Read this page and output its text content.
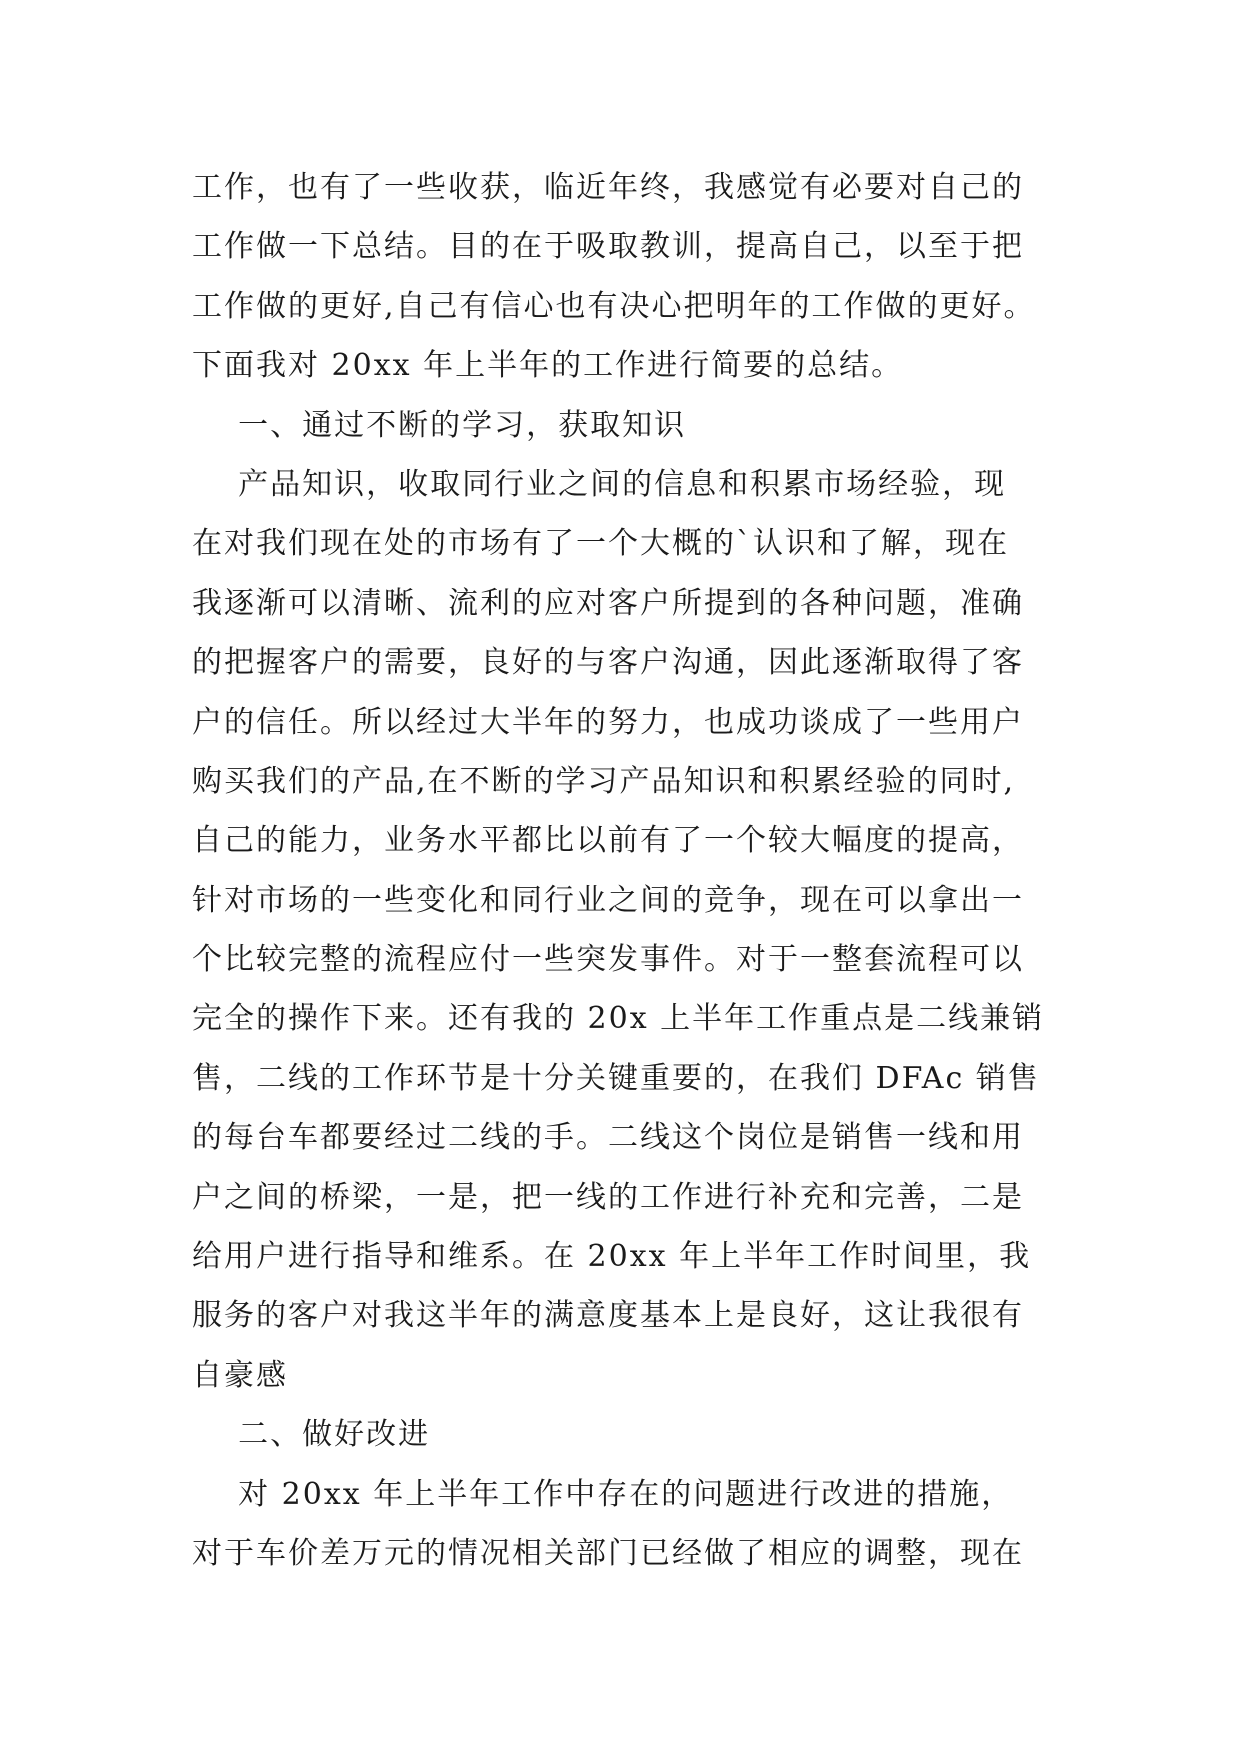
工作，也有了一些收获，临近年终，我感觉有必要对自己的
工作做一下总结。目的在于吸取教训，提高自己，以至于把
工作做的更好,自己有信心也有决心把明年的工作做的更好。
下面我对 20xx 年上半年的工作进行简要的总结。
一、通过不断的学习，获取知识
产品知识，收取同行业之间的信息和积累市场经验，现
在对我们现在处的市场有了一个大概的`认识和了解，现在
我逐渐可以清晰、流利的应对客户所提到的各种问题，准确
的把握客户的需要，良好的与客户沟通，因此逐渐取得了客
户的信任。所以经过大半年的努力，也成功谈成了一些用户
购买我们的产品,在不断的学习产品知识和积累经验的同时,
自己的能力，业务水平都比以前有了一个较大幅度的提高，
针对市场的一些变化和同行业之间的竞争，现在可以拿出一
个比较完整的流程应付一些突发事件。对于一整套流程可以
完全的操作下来。还有我的 20x 上半年工作重点是二线兼销
售，二线的工作环节是十分关键重要的，在我们 DFAc 销售
的每台车都要经过二线的手。二线这个岗位是销售一线和用
户之间的桥梁，一是，把一线的工作进行补充和完善，二是
给用户进行指导和维系。在 20xx 年上半年工作时间里，我
服务的客户对我这半年的满意度基本上是良好，这让我很有
自豪感
二、做好改进
对 20xx 年上半年工作中存在的问题进行改进的措施，
对于车价差万元的情况相关部门已经做了相应的调整，现在
